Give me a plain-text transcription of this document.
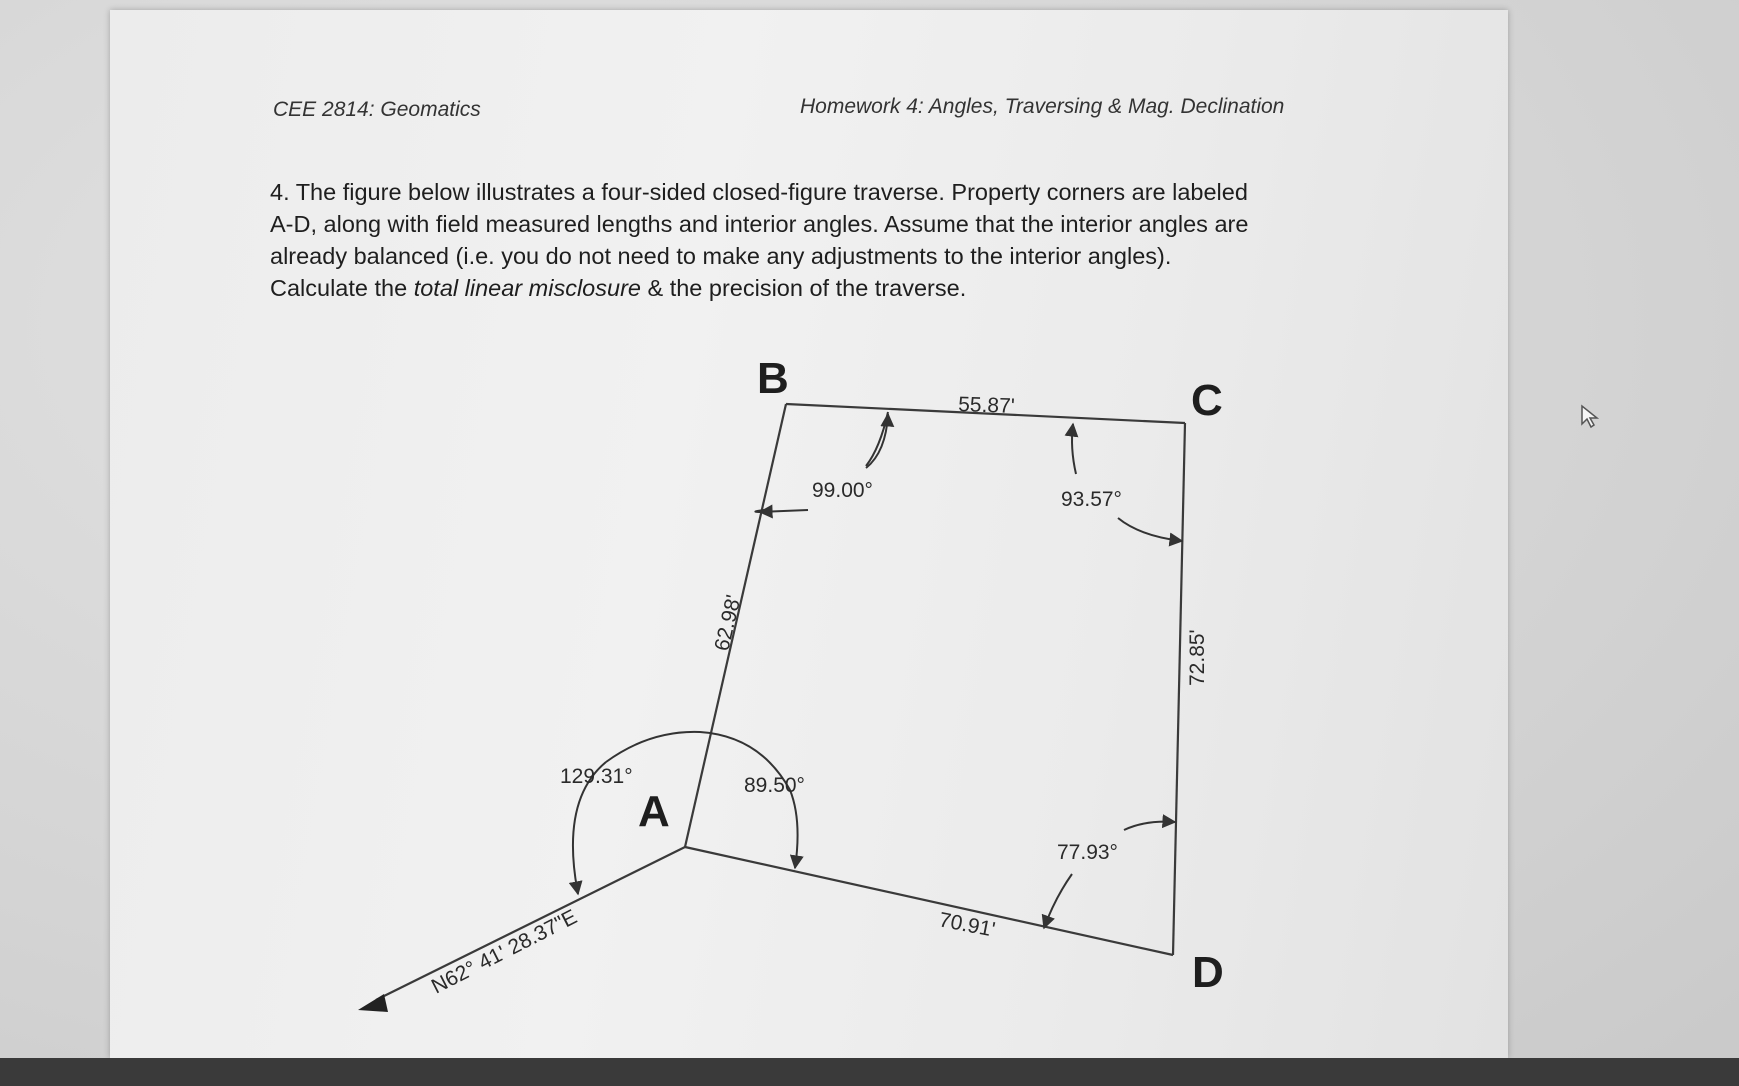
CEE 2814: Geomatics	Homework 4: Angles, Traversing & Mag. Declination
4. The figure below illustrates a four-sided closed-figure traverse. Property corners are labeled
A-D, along with field measured lengths and interior angles. Assume that the interior angles are
already balanced (i.e. you do not need to make any adjustments to the interior angles).
Calculate the total linear misclosure & the precision of the traverse.
A
B	C
D
55.87'
62.98'
72.85'
70.91'
99.00°	93.57°
89.50°
77.93°
129.31°
N62° 41' 28.37"E
